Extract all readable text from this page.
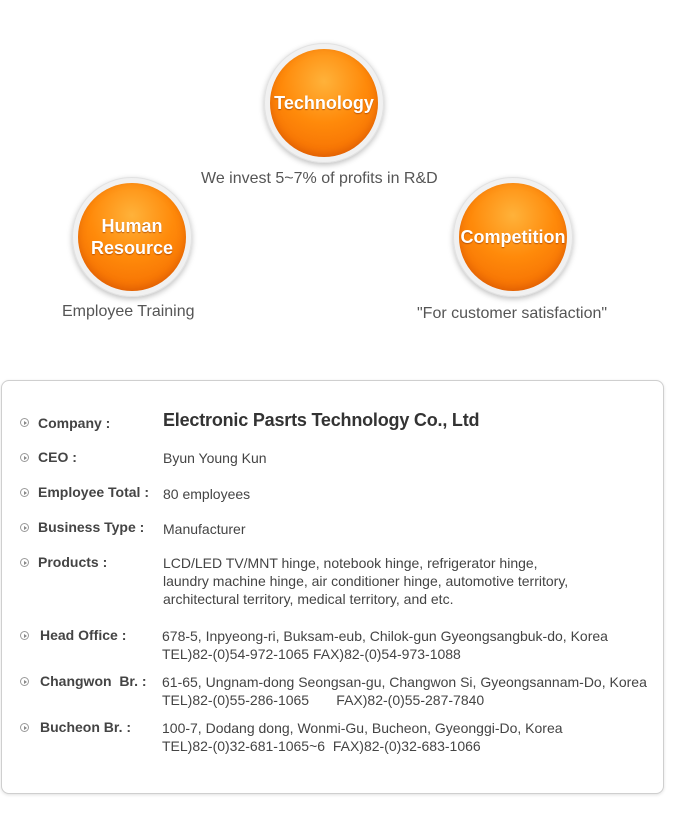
Technology
We invest 5~7% of profits in R&D
Human
Resource
Employee Training
Competition
"For customer satisfaction"
Company :	Electronic Pasrts Technology Co., Ltd
CEO :	Byun Young Kun
Employee Total : 80 employees
Business Type : Manufacturer
Products :	LCD/LED TV/MNT hinge, notebook hinge, refrigerator hinge,
laundry machine hinge, air conditioner hinge, automotive territory,
architectural territory, medical territory, and etc.
Head Office :	678-5, Inpyeong-ri, Buksam-eub, Chilok-gun Gyeongsangbuk-do, Korea
TEL)82-(0)54-972-1065 FAX)82-(0)54-973-1088
Changwon  Br. : 61-65, Ungnam-dong Seongsan-gu, Changwon Si, Gyeongsannam-Do, Korea
TEL)82-(0)55-286-1065       FAX)82-(0)55-287-7840
Bucheon Br. : 100-7, Dodang dong, Wonmi-Gu, Bucheon, Gyeonggi-Do, Korea
TEL)82-(0)32-681-1065~6  FAX)82-(0)32-683-1066
